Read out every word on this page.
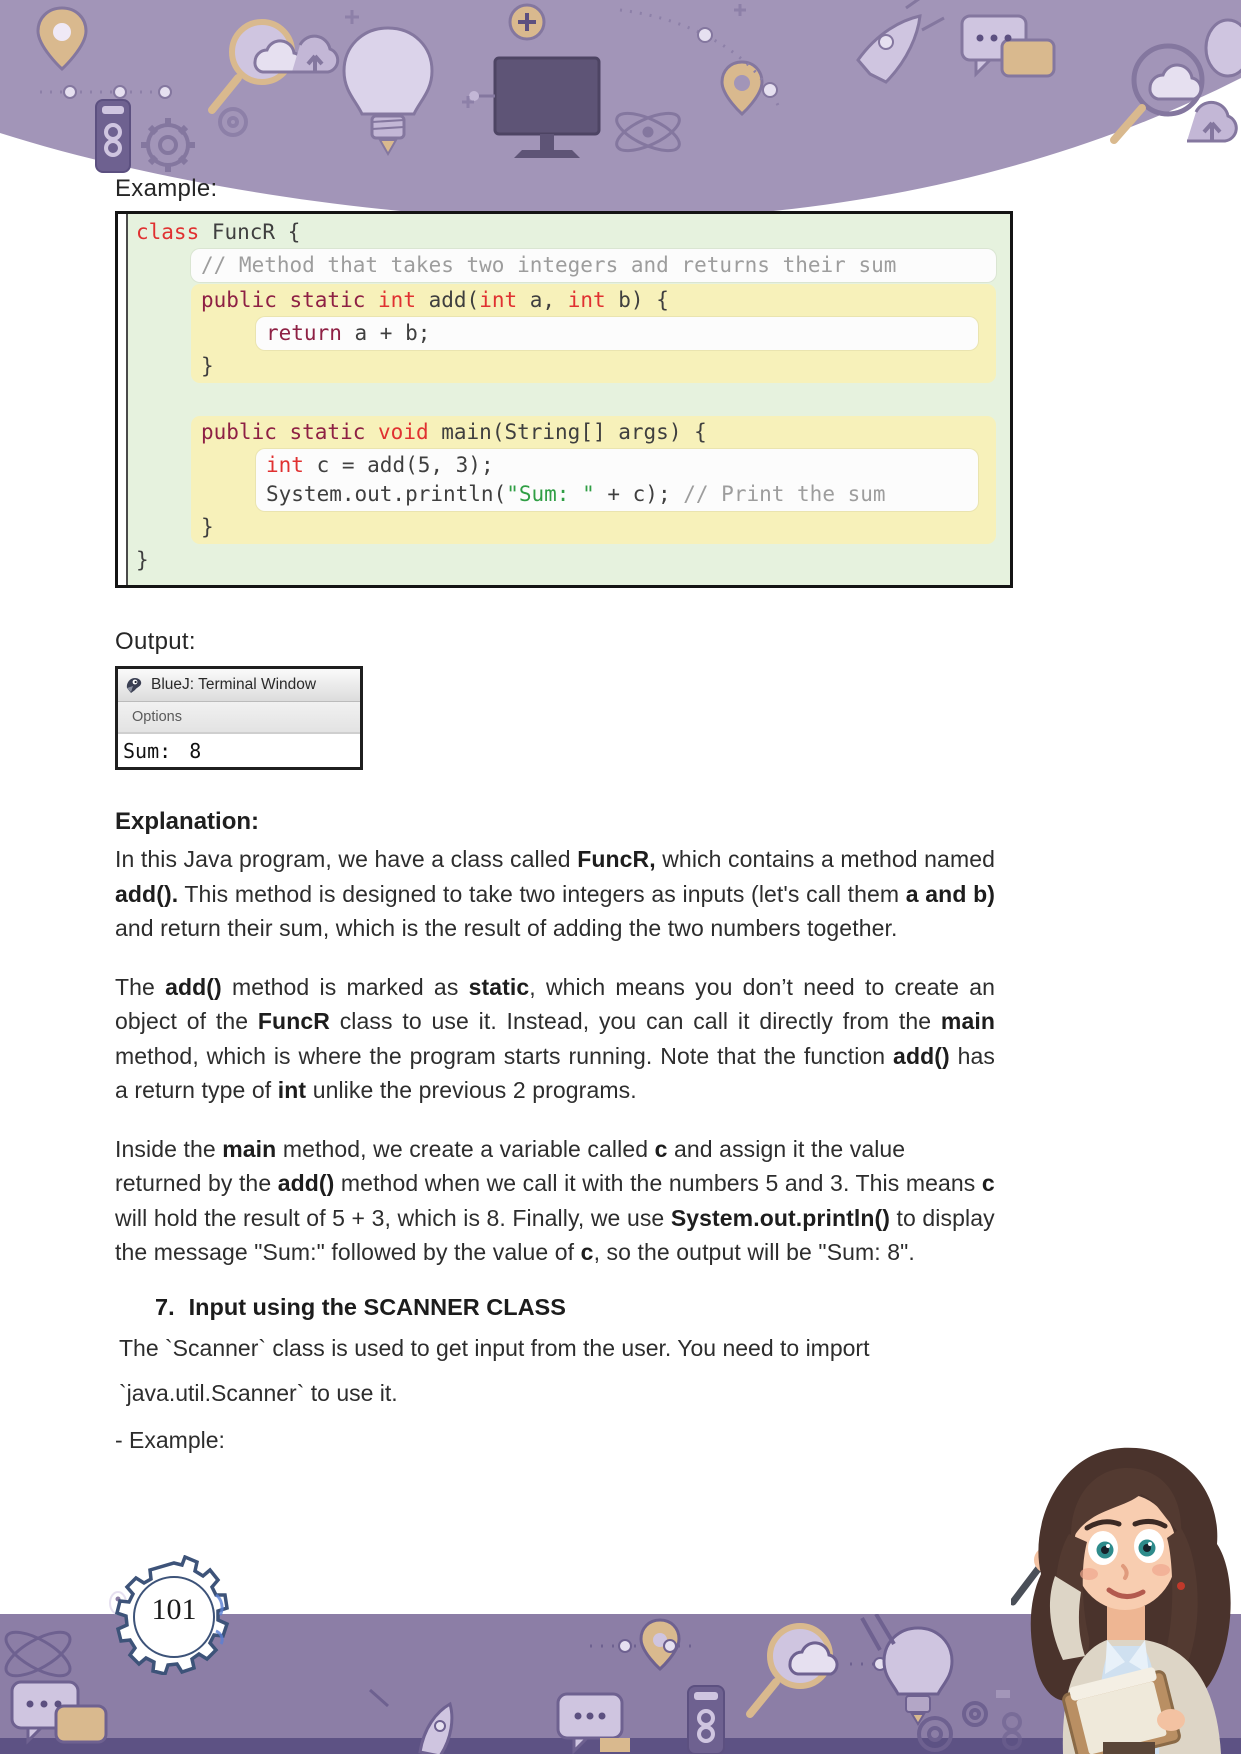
Example:
class FuncR {
// Method that takes two integers and returns their sum
public static int add(int a, int b) {
return a + b;
}

public static void main(String[] args) {
int c = add(5, 3);
System.out.println("Sum: " + c); // Print the sum
}
}
Output:
BlueJ: Terminal Window
Options
Sum: 8
Explanation:

In this Java program, we have a class called FuncR, which contains a method named add(). This method is designed to take two integers as inputs (let's call them a and b) and return their sum, which is the result of adding the two numbers together.

The add() method is marked as static, which means you don’t need to create an object of the FuncR class to use it. Instead, you can call it directly from the main method, which is where the program starts running. Note that the function add() has a return type of int unlike the previous 2 programs.

Inside the main method, we create a variable called c and assign it the value returned by the add() method when we call it with the numbers 5 and 3. This means c will hold the result of 5 + 3, which is 8. Finally, we use System.out.println() to display the message "Sum:" followed by the value of c, so the output will be "Sum: 8".

7. Input using the SCANNER CLASS
The `Scanner` class is used to get input from the user. You need to import
`java.util.Scanner` to use it.
- Example:
101
